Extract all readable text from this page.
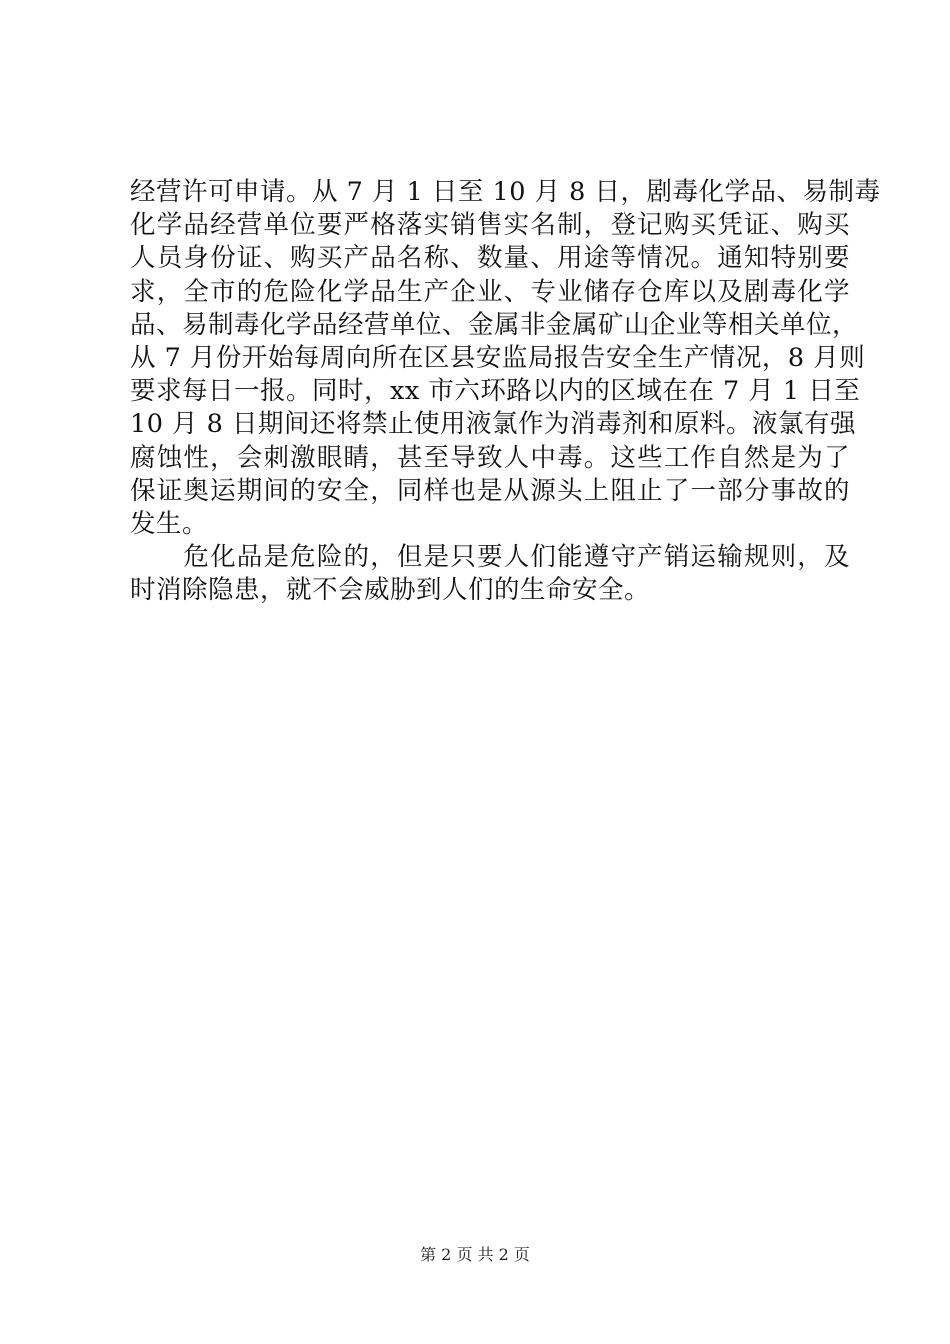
经营许可申请。从 7 月 1 日至 10 月 8 日，剧毒化学品、易制毒
化学品经营单位要严格落实销售实名制，登记购买凭证、购买
人员身份证、购买产品名称、数量、用途等情况。通知特别要
求，全市的危险化学品生产企业、专业储存仓库以及剧毒化学
品、易制毒化学品经营单位、金属非金属矿山企业等相关单位，
从 7 月份开始每周向所在区县安监局报告安全生产情况，8 月则
要求每日一报。同时，xx 市六环路以内的区域在在 7 月 1 日至
10 月 8 日期间还将禁止使用液氯作为消毒剂和原料。液氯有强
腐蚀性，会刺激眼睛，甚至导致人中毒。这些工作自然是为了
保证奥运期间的安全，同样也是从源头上阻止了一部分事故的
发生。
　　危化品是危险的，但是只要人们能遵守产销运输规则，及
时消除隐患，就不会威胁到人们的生命安全。
第 2 页 共 2 页
